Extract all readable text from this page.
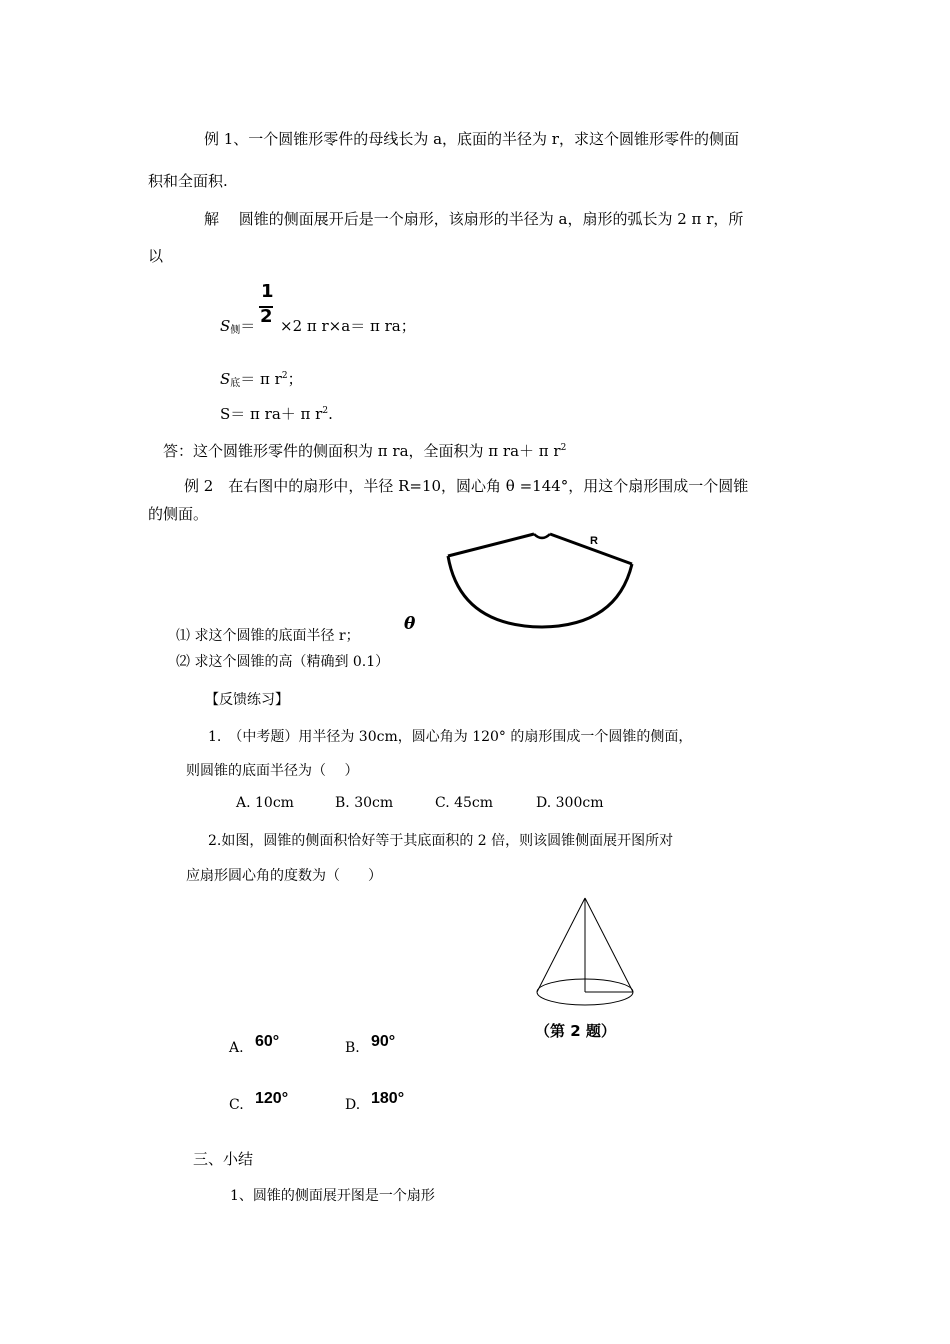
例 1、一个圆锥形零件的母线长为 a，底面的半径为 r，求这个圆锥形零件的侧面
积和全面积.
解　 圆锥的侧面展开后是一个扇形，该扇形的半径为 a，扇形的弧长为 2 π r，所
以
1
2
$S_侧= \times 2$ π r×a＝ π ra；
$S_底= \pi$ $r^2$；
S＝ π ra＋ π $r^2$.
答：这个圆锥形零件的侧面积为 π ra，全面积为 π ra＋ π $r^2$
例 2　在右图中的扇形中，半径 R=10，圆心角 θ =144°，用这个扇形围成一个圆锥
的侧面。
R
⑴ 求这个圆锥的底面半径 r；
θ
⑵ 求这个圆锥的高（精确到 0.1）
【反馈练习】
1.　（中考题）用半径为 30cm，圆心角为 120° 的扇形围成一个圆锥的侧面，
则圆锥的底面半径为（　 ）
A. 10cm	B. 30cm	C. 45cm	D. 300cm
2.如图，圆锥的侧面积恰好等于其底面积的 2 倍，则该圆锥侧面展开图所对
应扇形圆心角的度数为（　　）
（第 2 题）
A. 60°	B. 90°
C. 120°	D. 180°
三、小结
1、圆锥的侧面展开图是一个扇形
